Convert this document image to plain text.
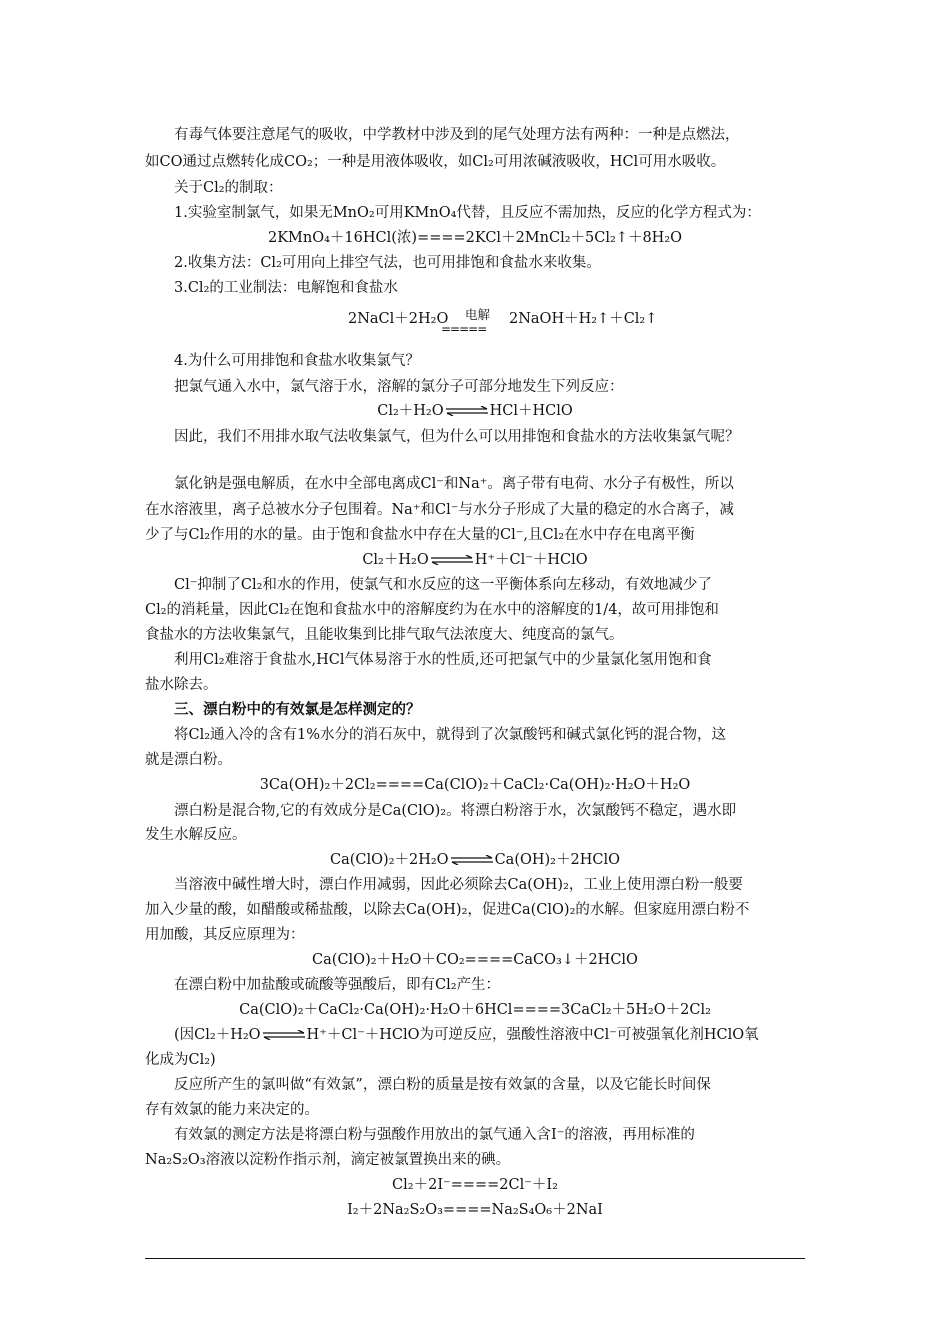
有毒气体要注意尾气的吸收，中学教材中涉及到的尾气处理方法有两种：一种是点燃法，
如CO通过点燃转化成CO₂；一种是用液体吸收，如Cl₂可用浓碱液吸收，HCl可用水吸收。
关于Cl₂的制取：
1.实验室制氯气，如果无MnO₂可用KMnO₄代替，且反应不需加热，反应的化学方程式为：
2KMnO₄＋16HCl(浓)====2KCl＋2MnCl₂＋5Cl₂↑＋8H₂O
2.收集方法：Cl₂可用向上排空气法，也可用排饱和食盐水来收集。
3.Cl₂的工业制法：电解饱和食盐水
2NaCl＋2H₂O 电解
=====
2NaOH＋H₂↑＋Cl₂↑
4.为什么可用排饱和食盐水收集氯气？
把氯气通入水中，氯气溶于水，溶解的氯分子可部分地发生下列反应：
Cl₂＋H₂O⇌HCl＋HClO
因此，我们不用排水取气法收集氯气，但为什么可以用排饱和食盐水的方法收集氯气呢？
氯化钠是强电解质，在水中全部电离成Cl⁻和Na⁺。离子带有电荷、水分子有极性，所以
在水溶液里，离子总被水分子包围着。Na⁺和Cl⁻与水分子形成了大量的稳定的水合离子，减
少了与Cl₂作用的水的量。由于饱和食盐水中存在大量的Cl⁻,且Cl₂在水中存在电离平衡
Cl₂＋H₂O⇌H⁺＋Cl⁻＋HClO
Cl⁻抑制了Cl₂和水的作用，使氯气和水反应的这一平衡体系向左移动，有效地减少了
Cl₂的消耗量，因此Cl₂在饱和食盐水中的溶解度约为在水中的溶解度的1/4，故可用排饱和
食盐水的方法收集氯气，且能收集到比排气取气法浓度大、纯度高的氯气。
利用Cl₂难溶于食盐水,HCl气体易溶于水的性质,还可把氯气中的少量氯化氢用饱和食
盐水除去。
三、漂白粉中的有效氯是怎样测定的？
将Cl₂通入冷的含有1%水分的消石灰中，就得到了次氯酸钙和碱式氯化钙的混合物，这
就是漂白粉。
3Ca(OH)₂＋2Cl₂====Ca(ClO)₂＋CaCl₂·Ca(OH)₂·H₂O＋H₂O
漂白粉是混合物,它的有效成分是Ca(ClO)₂。将漂白粉溶于水，次氯酸钙不稳定，遇水即
发生水解反应。
Ca(ClO)₂＋2H₂O⇌Ca(OH)₂＋2HClO
当溶液中碱性增大时，漂白作用减弱，因此必须除去Ca(OH)₂，工业上使用漂白粉一般要
加入少量的酸，如醋酸或稀盐酸，以除去Ca(OH)₂，促进Ca(ClO)₂的水解。但家庭用漂白粉不
用加酸，其反应原理为：
Ca(ClO)₂＋H₂O＋CO₂====CaCO₃↓＋2HClO
在漂白粉中加盐酸或硫酸等强酸后，即有Cl₂产生：
Ca(ClO)₂＋CaCl₂·Ca(OH)₂·H₂O＋6HCl====3CaCl₂＋5H₂O＋2Cl₂
(因Cl₂＋H₂O⇌H⁺＋Cl⁻＋HClO为可逆反应，强酸性溶液中Cl⁻可被强氧化剂HClO氧
化成为Cl₂)
反应所产生的氯叫做“有效氯”，漂白粉的质量是按有效氯的含量，以及它能长时间保
存有效氯的能力来决定的。
有效氯的测定方法是将漂白粉与强酸作用放出的氯气通入含I⁻的溶液，再用标准的
Na₂S₂O₃溶液以淀粉作指示剂，滴定被氯置换出来的碘。
Cl₂＋2I⁻====2Cl⁻＋I₂
I₂＋2Na₂S₂O₃====Na₂S₄O₆＋2NaI
